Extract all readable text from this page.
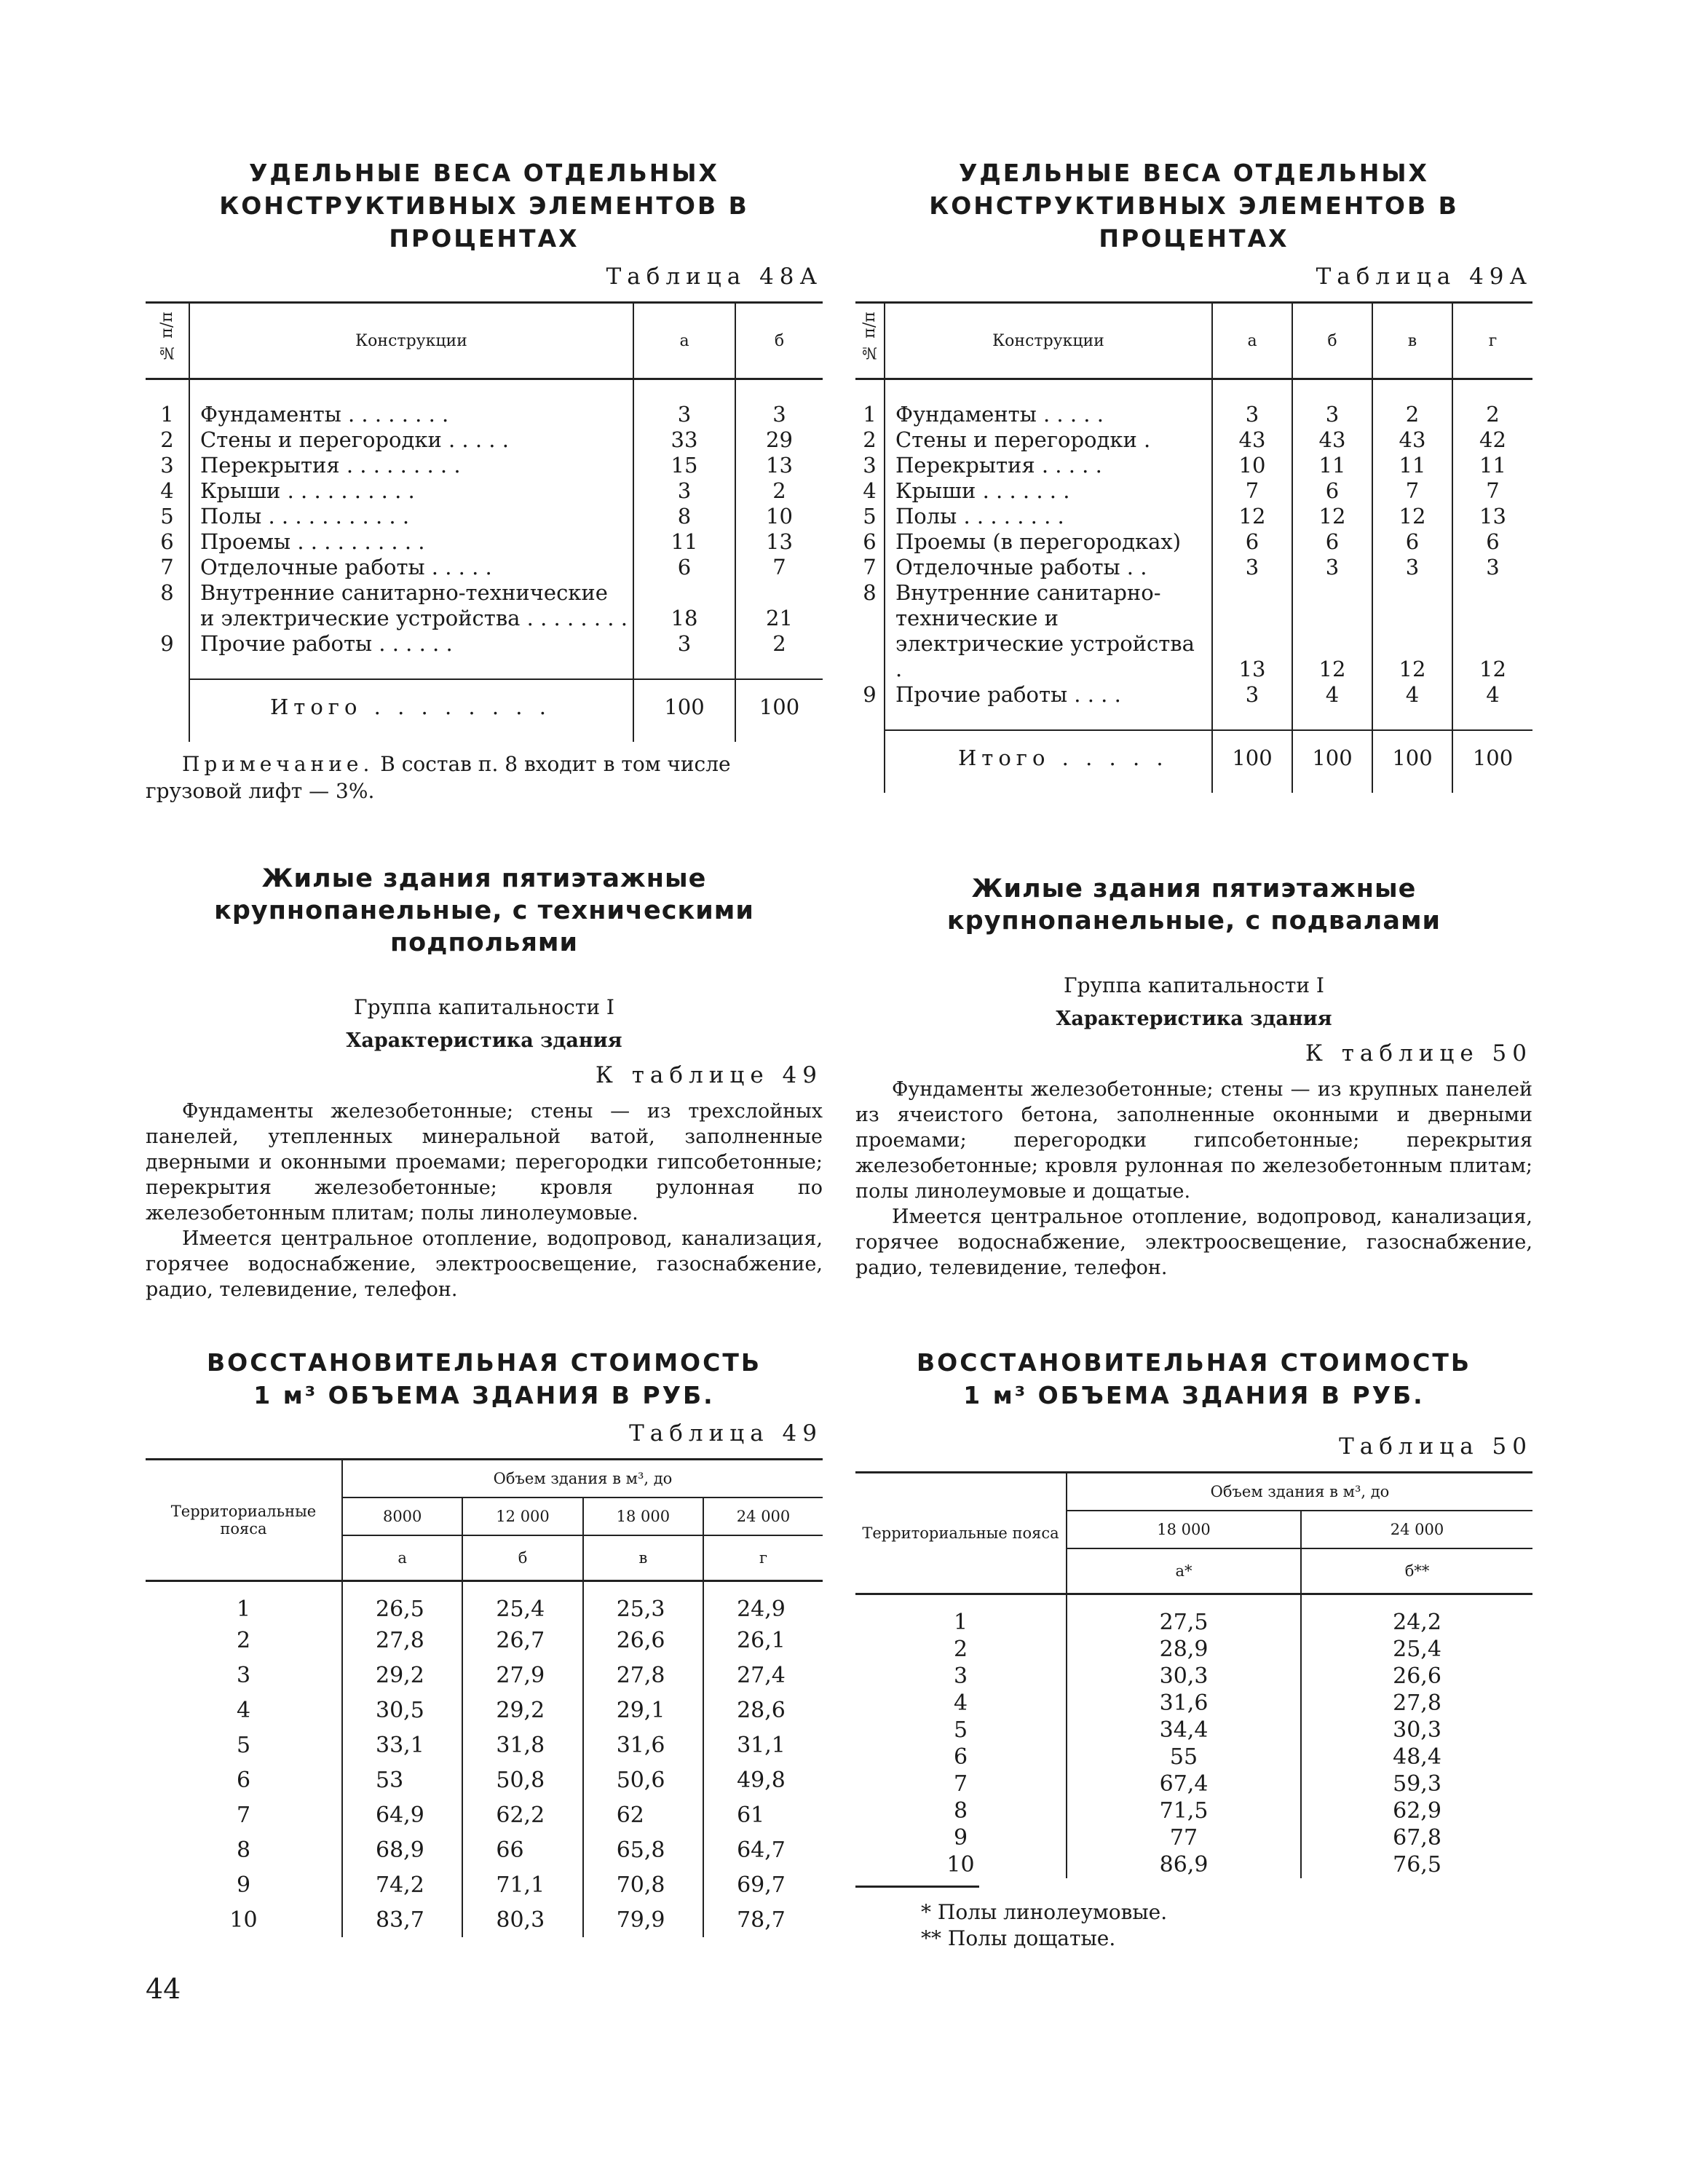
УДЕЛЬНЫЕ ВЕСА ОТДЕЛЬНЫХ

КОНСТРУКТИВНЫХ ЭЛЕМЕНТОВ В ПРОЦЕНТАХ

Таблица 48А
№ п/п	Конструкции	а	б
1	Фундаменты . . . . . . . .	3	3
2	Стены и перегородки . . . . .	33	29
3	Перекрытия . . . . . . . . .	15	13
4	Крыши . . . . . . . . . .	3	2
5	Полы . . . . . . . . . . .	8	10
6	Проемы . . . . . . . . . .	11	13
7	Отделочные работы . . . . .	6	7
8	Внутренние санитарно-технические и электрические устройства . . . . . . . .	18	21
9	Прочие работы . . . . . .	3	2
	Итого . . . . . . . .	100	100

Примечание. В состав п. 8 входит в том числе грузовой лифт — 3%.

Жилые здания пятиэтажные
крупнопанельные, с техническими подпольями
Группа капитальности I
Характеристика здания
К таблице 49

Фундаменты железобетонные; стены — из трехслойных панелей, утепленных минеральной ватой, заполненные дверными и оконными проемами; перегородки гипсобетонные; перекрытия железобетонные; кровля рулонная по железобетонным плитам; полы линолеумовые.

Имеется центральное отопление, водопровод, канализация, горячее водоснабжение, электроосвещение, газоснабжение, радио, телевидение, телефон.

ВОССТАНОВИТЕЛЬНАЯ СТОИМОСТЬ

1 м³ ОБЪЕМА ЗДАНИЯ В РУБ.

Таблица 49
Территориальные пояса	Объем здания в м³, до			
	8000	12 000	18 000	24 000
	а	б	в	г
1	26,5	25,4	25,3	24,9
2	27,8	26,7	26,6	26,1
3	29,2	27,9	27,8	27,4
4	30,5	29,2	29,1	28,6
5	33,1	31,8	31,6	31,1
6	53	50,8	50,6	49,8
7	64,9	62,2	62	61
8	68,9	66	65,8	64,7
9	74,2	71,1	70,8	69,7
10	83,7	80,3	79,9	78,7

УДЕЛЬНЫЕ ВЕСА ОТДЕЛЬНЫХ

КОНСТРУКТИВНЫХ ЭЛЕМЕНТОВ В ПРОЦЕНТАХ

Таблица 49А
№ п/п	Конструкции	а	б	в	г
1	Фундаменты . . . . .	3	3	2	2
2	Стены и перегородки .	43	43	43	42
3	Перекрытия . . . . .	10	11	11	11
4	Крыши . . . . . . .	7	6	7	7
5	Полы . . . . . . . .	12	12	12	13
6	Проемы (в перегородках)	6	6	6	6
7	Отделочные работы . .	3	3	3	3
8	Внутренние санитарно-технические и электрические устройства .	13	12	12	12
9	Прочие работы . . . .	3	4	4	4
	Итого . . . . .	100	100	100	100
Жилые здания пятиэтажные
крупнопанельные, с подвалами
Группа капитальности I
Характеристика здания
К таблице 50

Фундаменты железобетонные; стены — из крупных панелей из ячеистого бетона, заполненные оконными и дверными проемами; перегородки гипсобетонные; перекрытия железобетонные; кровля рулонная по железобетонным плитам; полы линолеумовые и дощатые.

Имеется центральное отопление, водопровод, канализация, горячее водоснабжение, электроосвещение, газоснабжение, радио, телевидение, телефон.

ВОССТАНОВИТЕЛЬНАЯ СТОИМОСТЬ

1 м³ ОБЪЕМА ЗДАНИЯ В РУБ.

Таблица 50
Территориальные пояса	Объем здания в м³, до	
	18 000	24 000
	а*	б**
1	27,5	24,2
2	28,9	25,4
3	30,3	26,6
4	31,6	27,8
5	34,4	30,3
6	55	48,4
7	67,4	59,3
8	71,5	62,9
9	77	67,8
10	86,9	76,5

* Полы линолеумовые.

** Полы дощатые.

44
